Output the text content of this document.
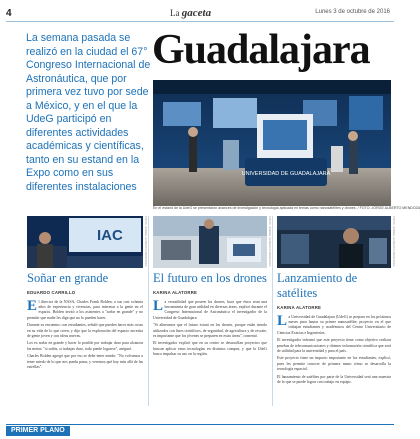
4	La gaceta	Lunes 3 de octubre de 2016
La semana pasada se realizó en la ciudad el 67° Congreso Internacional de Astronáutica, que por primera vez tuvo por sede a México, y en el que la UdeG participó en diferentes actividades académicas y científicas, tanto en su estand en la Expo como en sus diferentes instalaciones
Guadalajara
UNIVERSIDAD DE GUADALAJARA
En el estand de la UdeG se presentaron avances de investigación y tecnología aplicada en temas como nanosatélites y drones. / FOTO: JORGE ALBERTO MENDOZA
IAC	FOTO: JORGE ALBERTO MENDOZA	FOTO: JORGE ALBERTO MENDOZA	FOTO: JORGE ALBERTO MENDOZA
Soñar en grande
EDUARDO CARRILLO

El director de la NASA, Charles Frank Bolden, a sus casi ochenta años de experiencia y vivencias, para interesar a la gente en el espacio. Bolden invitó a los asistentes a "soñar en grande" y no permitir que nadie les diga que no lo pueden hacer.

Durante su encuentro con estudiantes, señaló que pueden hacer más cosas en su vida de lo que creen, y dijo que la exploración del espacio necesita de gente joven y con ideas nuevas.

Los ex soñar en grande y hacer lo posible por trabajar duro para alcanzar las metas: "si soñás, si trabajas duro, todo puede lograrse", aseguró.

Charles Bolden agregó que por eso se debe tener miedo: "No volvamos a tener miedo de lo que nos pueda pasar, y veremos qué hay más allá de las estrellas".

El futuro en los drones
KARINA ALATORRE

La versatilidad que poseen los drones, hace que éstos sean una herramienta de gran utilidad en diversas áreas, explicó durante el Congreso Internacional de Astronáutica el investigador de la Universidad de Guadalajara.

"Si alineamos que el futuro estará en los drones, porque están siendo utilizados con fines científicos, de seguridad, de agricultura y de rescate, es importante que los jóvenes se preparen en estas áreas", comentó.

El investigador explicó que en su centro se desarrollan proyectos que buscan aplicar estas tecnologías en distintos campos, y que la UdeG busca impulsar su uso en la región.

Lanzamiento de satélites
KARINA ALATORRE

La Universidad de Guadalajara (UdeG) se prepara en los próximos meses para lanzar su primer nanosatélite, proyecto en el que trabajan estudiantes y académicos del Centro Universitario de Ciencias Exactas e Ingenierías.

El investigador informó que este proyecto tiene como objetivo realizar pruebas de telecomunicaciones y obtener información científica que será de utilidad para la universidad y para el país.

Este proyecto tiene un impacto importante en los estudiantes, explicó, pues les permite conocer de primera mano cómo se desarrolla la tecnología espacial.

El lanzamiento de satélites por parte de la Universidad será una muestra de lo que se puede lograr con trabajo en equipo.

PRIMER PLANO
